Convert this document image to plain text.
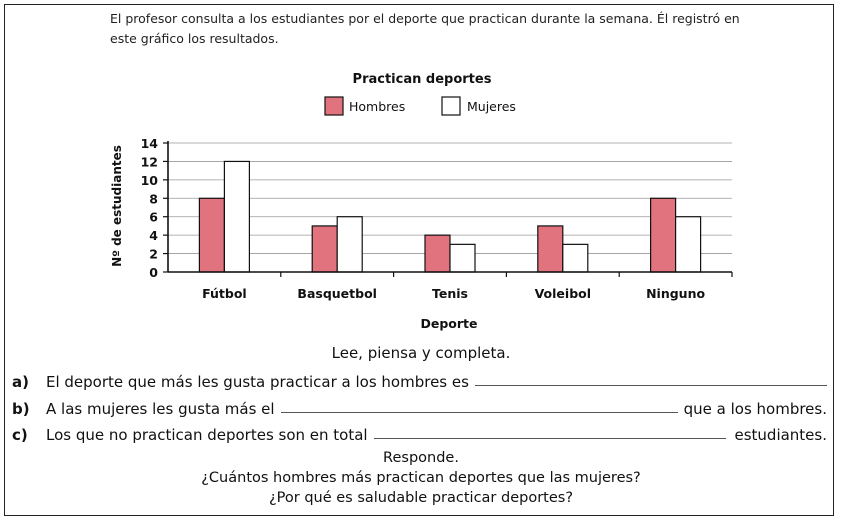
El profesor consulta a los estudiantes por el deporte que practican durante la semana. Él registró en este gráfico los resultados.
Practican deportes
Hombres	Mujeres
0
2
4
6
8
10
12
14
Fútbol	Basquetbol	Tenis	Voleibol	Ninguno
Nº de estudiantes
Deporte
Lee, piensa y completa.
a)	El deporte que más les gusta practicar a los hombres es
b)	A las mujeres les gusta más el	que a los hombres.
c)	Los que no practican deportes son en total	estudiantes.
Responde.
¿Cuántos hombres más practican deportes que las mujeres?
¿Por qué es saludable practicar deportes?
